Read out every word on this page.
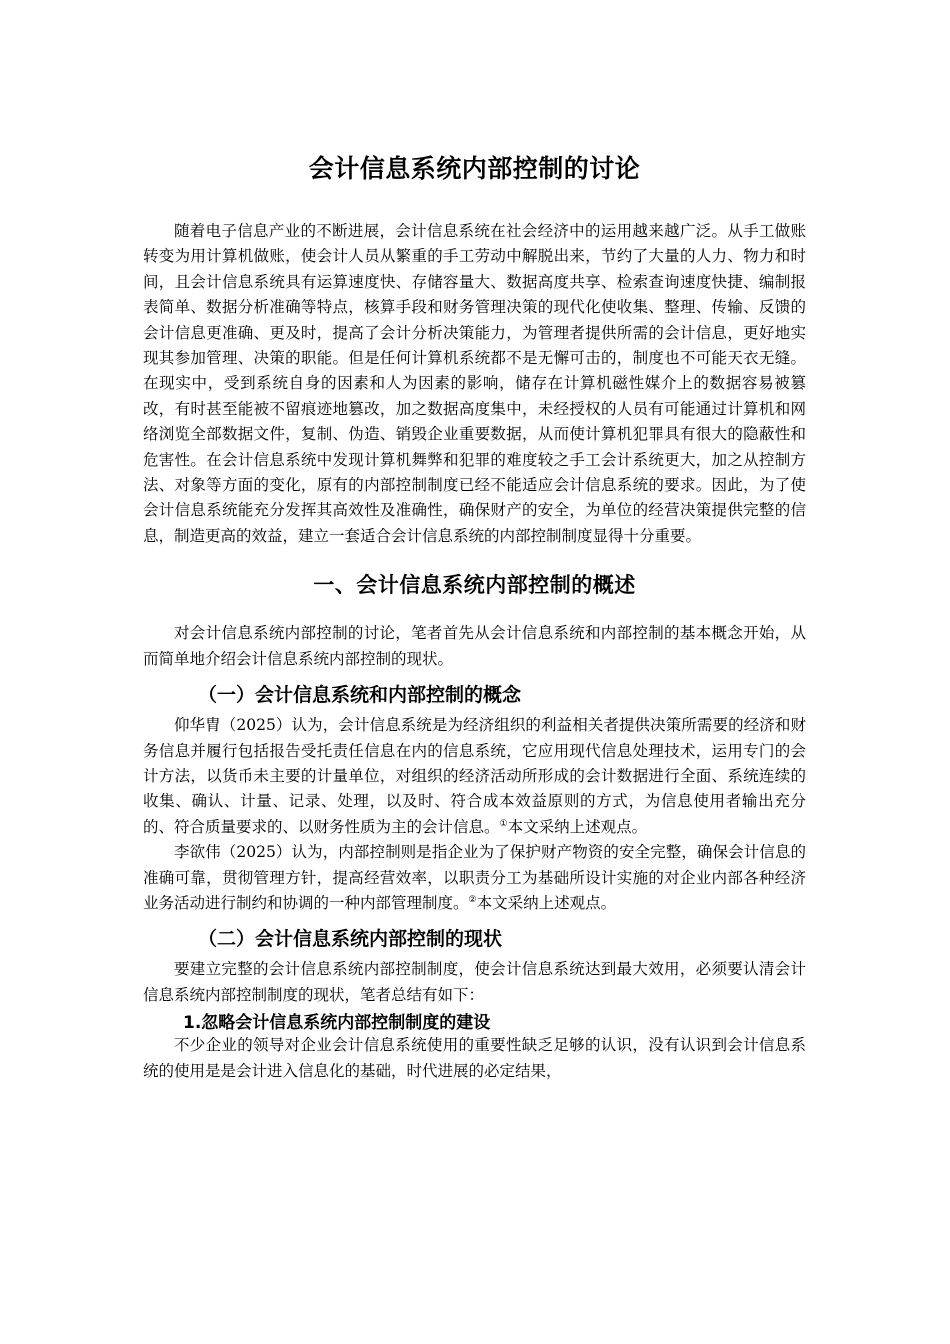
会计信息系统内部控制的讨论

随着电子信息产业的不断进展，会计信息系统在社会经济中的运用越来越广泛。从手工做账转变为用计算机做账，使会计人员从繁重的手工劳动中解脱出来，节约了大量的人力、物力和时间，且会计信息系统具有运算速度快、存储容量大、数据高度共享、检索查询速度快捷、编制报表简单、数据分析准确等特点，核算手段和财务管理决策的现代化使收集、整理、传输、反馈的会计信息更准确、更及时，提高了会计分析决策能力，为管理者提供所需的会计信息，更好地实现其参加管理、决策的职能。但是任何计算机系统都不是无懈可击的，制度也不可能天衣无缝。在现实中，受到系统自身的因素和人为因素的影响，储存在计算机磁性媒介上的数据容易被篡改，有时甚至能被不留痕迹地篡改，加之数据高度集中，未经授权的人员有可能通过计算机和网络浏览全部数据文件，复制、伪造、销毁企业重要数据，从而使计算机犯罪具有很大的隐蔽性和危害性。在会计信息系统中发现计算机舞弊和犯罪的难度较之手工会计系统更大，加之从控制方法、对象等方面的变化，原有的内部控制制度已经不能适应会计信息系统的要求。因此，为了使会计信息系统能充分发挥其高效性及准确性，确保财产的安全，为单位的经营决策提供完整的信息，制造更高的效益，建立一套适合会计信息系统的内部控制制度显得十分重要。

一、会计信息系统内部控制的概述

对会计信息系统内部控制的讨论，笔者首先从会计信息系统和内部控制的基本概念开始，从而简单地介绍会计信息系统内部控制的现状。

（一）会计信息系统和内部控制的概念

仰华胄（2025）认为，会计信息系统是为经济组织的利益相关者提供决策所需要的经济和财务信息并履行包括报告受托责任信息在内的信息系统，它应用现代信息处理技术，运用专门的会计方法，以货币未主要的计量单位，对组织的经济活动所形成的会计数据进行全面、系统连续的收集、确认、计量、记录、处理，以及时、符合成本效益原则的方式，为信息使用者输出充分的、符合质量要求的、以财务性质为主的会计信息。①本文采纳上述观点。

李欲伟（2025）认为，内部控制则是指企业为了保护财产物资的安全完整，确保会计信息的准确可靠，贯彻管理方针，提高经营效率，以职责分工为基础所设计实施的对企业内部各种经济业务活动进行制约和协调的一种内部管理制度。②本文采纳上述观点。

（二）会计信息系统内部控制的现状

要建立完整的会计信息系统内部控制制度，使会计信息系统达到最大效用，必须要认清会计信息系统内部控制制度的现状，笔者总结有如下：

1.忽略会计信息系统内部控制制度的建设

不少企业的领导对企业会计信息系统使用的重要性缺乏足够的认识，没有认识到会计信息系统的使用是是会计进入信息化的基础，时代进展的必定结果，
